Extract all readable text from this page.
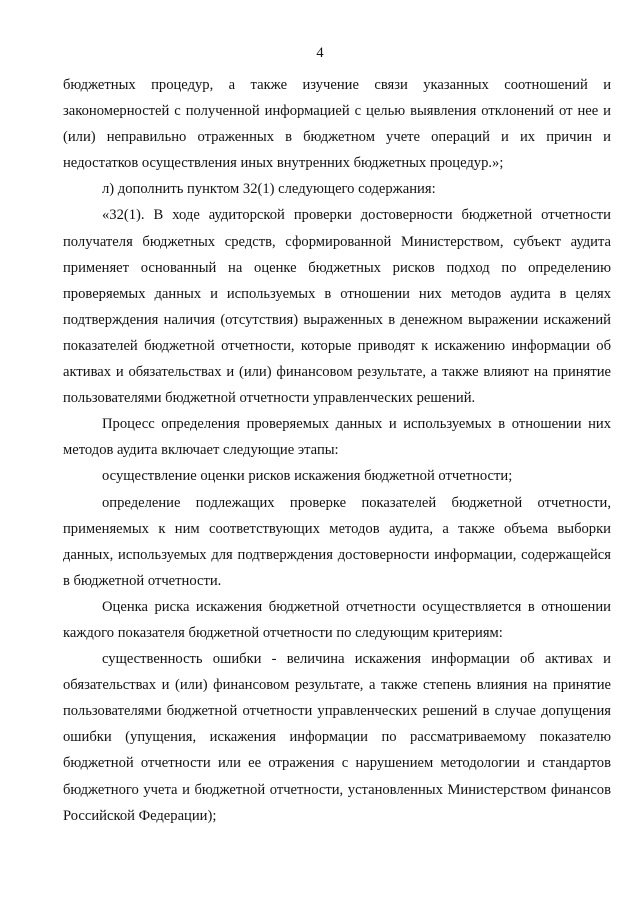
4

бюджетных процедур, а также изучение связи указанных соотношений и закономерностей с полученной информацией с целью выявления отклонений от нее и (или) неправильно отраженных в бюджетном учете операций и их причин и недостатков осуществления иных внутренних бюджетных процедур.»;

л) дополнить пунктом 32(1) следующего содержания:

«32(1). В ходе аудиторской проверки достоверности бюджетной отчетности получателя бюджетных средств, сформированной Министерством, субъект аудита применяет основанный на оценке бюджетных рисков подход по определению проверяемых данных и используемых в отношении них методов аудита в целях подтверждения наличия (отсутствия) выраженных в денежном выражении искажений показателей бюджетной отчетности, которые приводят к искажению информации об активах и обязательствах и (или) финансовом результате, а также влияют на принятие пользователями бюджетной отчетности управленческих решений.

Процесс определения проверяемых данных и используемых в отношении них методов аудита включает следующие этапы:

осуществление оценки рисков искажения бюджетной отчетности;

определение подлежащих проверке показателей бюджетной отчетности, применяемых к ним соответствующих методов аудита, а также объема выборки данных, используемых для подтверждения достоверности информации, содержащейся в бюджетной отчетности.

Оценка риска искажения бюджетной отчетности осуществляется в отношении каждого показателя бюджетной отчетности по следующим критериям:

существенность ошибки - величина искажения информации об активах и обязательствах и (или) финансовом результате, а также степень влияния на принятие пользователями бюджетной отчетности управленческих решений в случае допущения ошибки (упущения, искажения информации по рассматриваемому показателю бюджетной отчетности или ее отражения с нарушением методологии и стандартов бюджетного учета и бюджетной отчетности, установленных Министерством финансов Российской Федерации);
